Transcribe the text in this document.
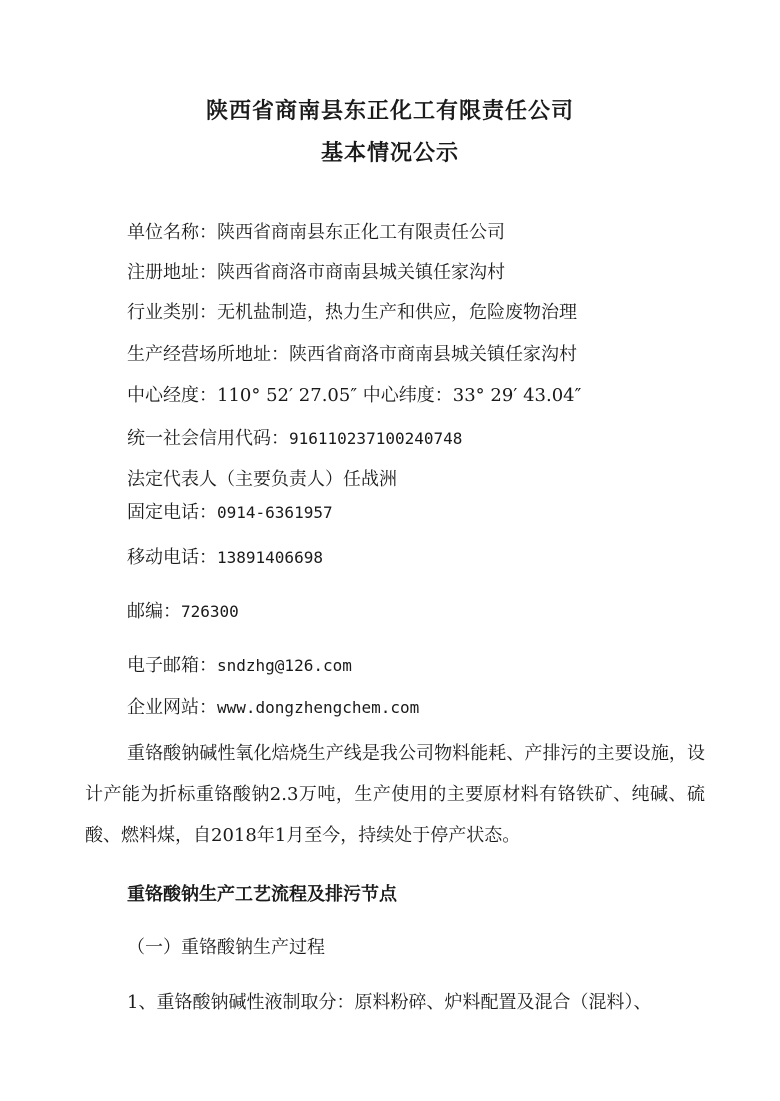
陕西省商南县东正化工有限责任公司
基本情况公示
单位名称：陕西省商南县东正化工有限责任公司
注册地址：陕西省商洛市商南县城关镇任家沟村
行业类别：无机盐制造，热力生产和供应，危险废物治理
生产经营场所地址：陕西省商洛市商南县城关镇任家沟村
中心经度：110° 52′ 27.05″ 中心纬度：33° 29′ 43.04″
统一社会信用代码：916110237100240748
法定代表人（主要负责人）任战洲
固定电话：0914-6361957
移动电话：13891406698
邮编：726300
电子邮箱：sndzhg@126.com
企业网站：www.dongzhengchem.com
重铬酸钠碱性氧化焙烧生产线是我公司物料能耗、产排污的主要设施，设计产能为折标重铬酸钠2.3万吨，生产使用的主要原材料有铬铁矿、纯碱、硫酸、燃料煤，自2018年1月至今，持续处于停产状态。
重铬酸钠生产工艺流程及排污节点
（一）重铬酸钠生产过程
1、重铬酸钠碱性液制取分：原料粉碎、炉料配置及混合（混料）、
